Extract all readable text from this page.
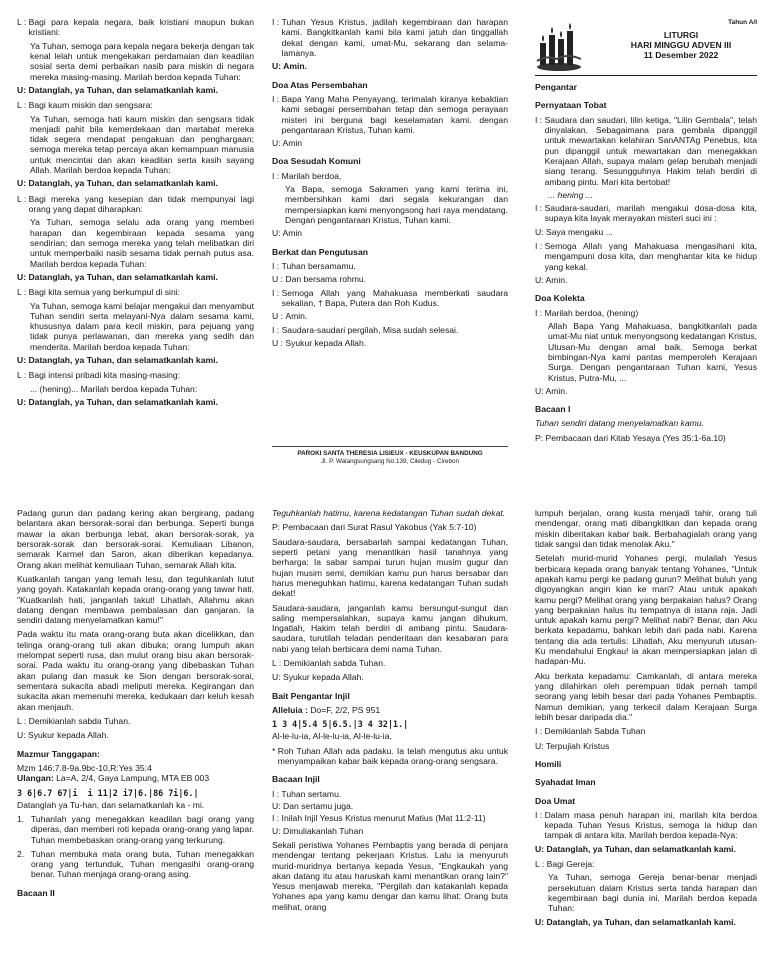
L : Bagi para kepala negara, baik kristiani maupun bukan kristiani:

Ya Tuhan, semoga para kepala negara bekerja dengan tak kenal lelah untuk mengekakan perdamaian dan keadilan sosial serta demi perbaikan nasib para miskin di negara mereka masing-masing. Marilah berdoa kepada Tuhan:

U: Datanglah, ya Tuhan, dan selamatkanlah kami.

L : Bagi kaum miskin dan sengsara:

Ya Tuhan, semoga hati kaum miskin dan sengsara tidak menjadi pahit bila kemerdekaan dan martabat mereka tidak segera mendapat pengakuan dan penghargaan; semoga mereka tetap percaya akan kemampuan manusia untuk mencintai dan akan keadilan serta kasih sayang Allah. Marilah berdoa kepada Tuhan:

U: Datanglah, ya Tuhan, dan selamatkanlah kami.

L : Bagi mereka yang kesepian dan tidak mempunyai lagi orang yang dapat diharapkan:

Ya Tuhan, semoga selalu ada orang yang memberi harapan dan kegembiraan kepada sesama yang sendirian; dan semoga mereka yang telah melibatkan diri untuk memperbaiki nasib sesama tidak pernah putus asa. Marilah berdoa kepada Tuhan:

U: Datanglah, ya Tuhan, dan selamatkanlah kami.

L : Bagi kita semua yang berkumpul di sini:

Ya Tuhan, semoga kami belajar mengakui dan menyambut Tuhan sendiri serta melayani-Nya dalam sesama kami, khususnya dalam para kecil miskin, para pejuang yang tidak punya perlawanan, dan mereka yang sedih dan menderita. Marilah berdoa kepada Tuhan:

U: Datanglah, ya Tuhan, dan selamatkanlah kami.

L : Bagi intensi pribadi kita masing-masing:

... (hening)... Marilah berdoa kepada Tuhan:

U: Datanglah, ya Tuhan, dan selamatkanlah kami.

I : Tuhan Yesus Kristus, jadilah kegembiraan dan harapan kami. Bangkitkanlah kami bila kami jatuh dan tinggallah dekat dengan kami, umat-Mu, sekarang dan selama-lamanya.

U: Amin.

Doa Atas Persembahan
I : Bapa Yang Maha Penyayang, terimalah kiranya kebaktian kami sebagai persembahan tetap dan semoga perayaan misteri ini berguna bagi keselamatan kami. dengan pengantaraan Kristus, Tuhan kami.

U: Amin

Doa Sesudah Komuni
I : Marilah berdoa,

Ya Bapa, semoga Sakramen yang kami terima ini, membersihkan kami dari segala kekurangan dan mempersiapkan kami menyongsong hari raya mendatang. Dengan pengantaraan Kristus, Tuhan kami.

U: Amin

Berkat dan Pengutusan
I : Tuhan bersamamu.
U : Dan bersama rohmu.
I : Semoga Allah yang Mahakuasa memberkati saudara sekalian, † Bapa, Putera dan Roh Kudus.
U : Amin.
I : Saudara-saudari pergilah, Misa sudah selesai.
U : Syukur kepada Allah.
PAROKI SANTA THERESIA LISIEUX - KEUSKUPAN BANDUNG
Jl. P. Walangsungsang No.139, Ciledug - Cirebon
Tahun A/I
LITURGI
HARI MINGGU ADVEN III
11 Desember 2022
Pengantar
Pernyataan Tobat
I : Saudara dan saudari, lilin ketiga, "Lilin Gembala", telah dinyalakan. Sebagaimana para gembala dipanggil untuk mewartakan kelahiran SanANTAg Penebus, kita pun dipanggil untuk mewartakan dan menegakkan Kerajaan Allah, supaya malam gelap berubah menjadi siang terang. Sesungguhnya Hakim telah berdiri di ambang pintu. Mari kita bertobat!

... hening ...

I : Saudara-saudari, marilah mengakui dosa-dosa kita, supaya kita layak merayakan misteri suci ini :

U: Saya mengaku ...

I : Semoga Allah yang Mahakuasa mengasihani kita, mengampuni dosa kita, dan menghantar kita ke hidup yang kekal.

U: Amin.

Doa Kolekta
I : Marilah berdoa, (hening)

Allah Bapa Yang Mahakuasa, bangkitkanlah pada umat-Mu niat untuk menyongsong kedatangan Kristus, Utusan-Mu dengan amal baik. Semoga berkat bimbingan-Nya kami pantas memperoleh Kerajaan Surga. Dengan pengantaraan Tuhan kami, Yesus Kristus, Putra-Mu, ...

U: Amin.

Bacaan I

Tuhan sendiri datang menyelamatkan kamu.

P: Pembacaan dari Kitab Yesaya (Yes 35:1-6a.10)

Padang gurun dan padang kering akan bergirang, padang belantara akan bersorak-sorai dan berbunga. Seperti bunga mawar ia akan berbunga lebat, akan bersorak-sorak, ya bersorak-sorak dan bersorak-sorai. Kemuliaan Libanon, semarak Karmel dan Saron, akan diberikan kepadanya. Orang akan melihat kemuliaan Tuhan, semarak Allah kita.

Kuatkanlah tangan yang lemah lesu, dan teguhkanlah lutut yang goyah. Katakanlah kepada orang-orang yang tawar hati, "Kuatkanlah hati, janganlah takut! Lihatlah, Allahmu akan datang dengan membawa pembalasan dan ganjaran. Ia sendiri datang menyelamatkan kamu!"

Pada waktu itu mata orang-orang buta akan dicelikkan, dan telinga orang-orang tuli akan dibuka; orang lumpuh akan melompat seperti rusa, dan mulut orang bisu akan bersorak-sorai. Pada waktu itu orang-orang yang dibebaskan Tuhan akan pulang dan masuk ke Sion dengan bersorak-sorai, sementara sukacita abadi meliputi mereka. Kegirangan dan sukacita akan memenuhi mereka, kedukaan dan keluh kesah akan menjauh.

L : Demikianlah sabda Tuhan.

U: Syukur kepada Allah.

Mazmur Tanggapan:

Mzm 146:7.8-9a.9bc-10,R:Yes 35:4

Ulangan: La=A, 2/4, Gaya Lampung, MTA EB 003

3 6|6.7 67|i  i 11|2 i7|6.|86 7i|6.|

Datanglah ya Tu-han, dan selamatkanlah ka - mi.

1. Tuhanlah yang menegakkan keadilan bagi orang yang diperas, dan memberi roti kepada orang-orang yang lapar. Tuhan membebaskan orang-orang yang terkurung.
2. Tuhan membuka mata orang buta, Tuhan menegakkan orang yang tertunduk, Tuhan mengasihi orang-orang benar. Tuhan menjaga orang-orang asing.
Bacaan II

Teguhkanlah hatimu, karena kedatangan Tuhan sudah dekat.

P: Pembacaan dari Surat Rasul Yakobus (Yak 5:7-10)

Saudara-saudara, bersabarlah sampai kedatangan Tuhan, seperti petani yang menantikan hasil tanahnya yang berharga: Ia sabar sampai turun hujan musim gugur dan hujan musim semi, demikian kamu pun harus bersabar dan harus meneguhkan hatimu, karena kedatangan Tuhan sudah dekat!

Saudara-saudara, janganlah kamu bersungut-sungut dan saling mempersalahkan, supaya kamu jangan dihukum. Ingatlah, Hakim telah berdiri di ambang pintu. Saudara-saudara, turutilah teladan penderitaan dan kesabaran para nabi yang telah berbicara demi nama Tuhan.

L : Demikianlah sabda Tuhan.

U: Syukur kepada Allah.

Bait Pengantar Injil

Alleluia : Do=F, 2/2, PS 951

1 3 4|5.4 5|6.5.|3 4 32|1.|

Al-le-lu-ia, Al-le-lu-ia, Al-le-lu-ia,

* Roh Tuhan Allah ada padaku. Ia telah mengutus aku untuk menyampaikan kabar baik kepada orang-orang sengsara.
Bacaan Injil

I : Tuhan sertamu.

U: Dan sertamu juga.

I : Inilah Injil Yesus Kristus menurut Matius (Mat 11:2-11)

U: Dimuliakanlah Tuhan

Sekali peristiwa Yohanes Pembaptis yang berada di penjara mendengar tentang pekerjaan Kristus. Lalu ia menyuruh murid-muridnya bertanya kepada Yesus, "Engkaukah yang akan datang itu atau haruskah kami menantikan orang lain?" Yesus menjawab mereka, "Pergilah dan katakanlah kepada Yohanes apa yang kamu dengar dan kamu lihat: Orang buta melihat, orang

lumpuh berjalan, orang kusta menjadi tahir, orang tuli mendengar, orang mati dibangkitkan dan kepada orang miskin diberitakan kabar baik. Berbahagialah orang yang tidak sangsi dan tidak menolak Aku."

Setelah murid-murid Yohanes pergi, mulailah Yesus berbicara kepada orang banyak tentang Yohanes, "Untuk apakah kamu pergi ke padang gurun? Melihat buluh yang digoyangkan angin kian ke mari? Atau untuk apakah kamu pergi? Melihat orang yang berpakaian halus? Orang yang berpakaian halus itu tempatnya di istana raja. Jadi untuk apakah kamu pergi? Melihat nabi? Benar, dan Aku berkata kepadamu, bahkan lebih dari pada nabi. Karena tentang dia ada tertulis: Lihatlah, Aku menyuruh utusan-Ku mendahului Engkau! ia akan mempersiapkan jalan di hadapan-Mu.

Aku berkata kepadamu: Camkanlah, di antara mereka yang dilahirkan oleh perempuan tidak pernah tampil seorang yang lebih besar dari pada Yohanes Pembaptis. Namun demikian, yang terkecil dalam Kerajaan Surga lebih besar daripada dia."

I : Demikianlah Sabda Tuhan

U: Terpujiah Kristus

Homili
Syahadat Iman
Doa Umat
I : Dalam masa penuh harapan ini, marilah kita berdoa kepada Tuhan Yesus Kristus, semoga la hidup dan tampak di antara kita. Marilah berdoa kepada-Nya:

U: Datanglah, ya Tuhan, dan selamatkanlah kami.

L : Bagi Gereja:

Ya Tuhan, semoga Gereja benar-benar menjadi persekutuan dalam Kristus serta tanda harapan dan kegembiraan bagi dunia ini. Marilah berdoa kepada Tuhan:

U: Datanglah, ya Tuhan, dan selamatkanlah kami.
